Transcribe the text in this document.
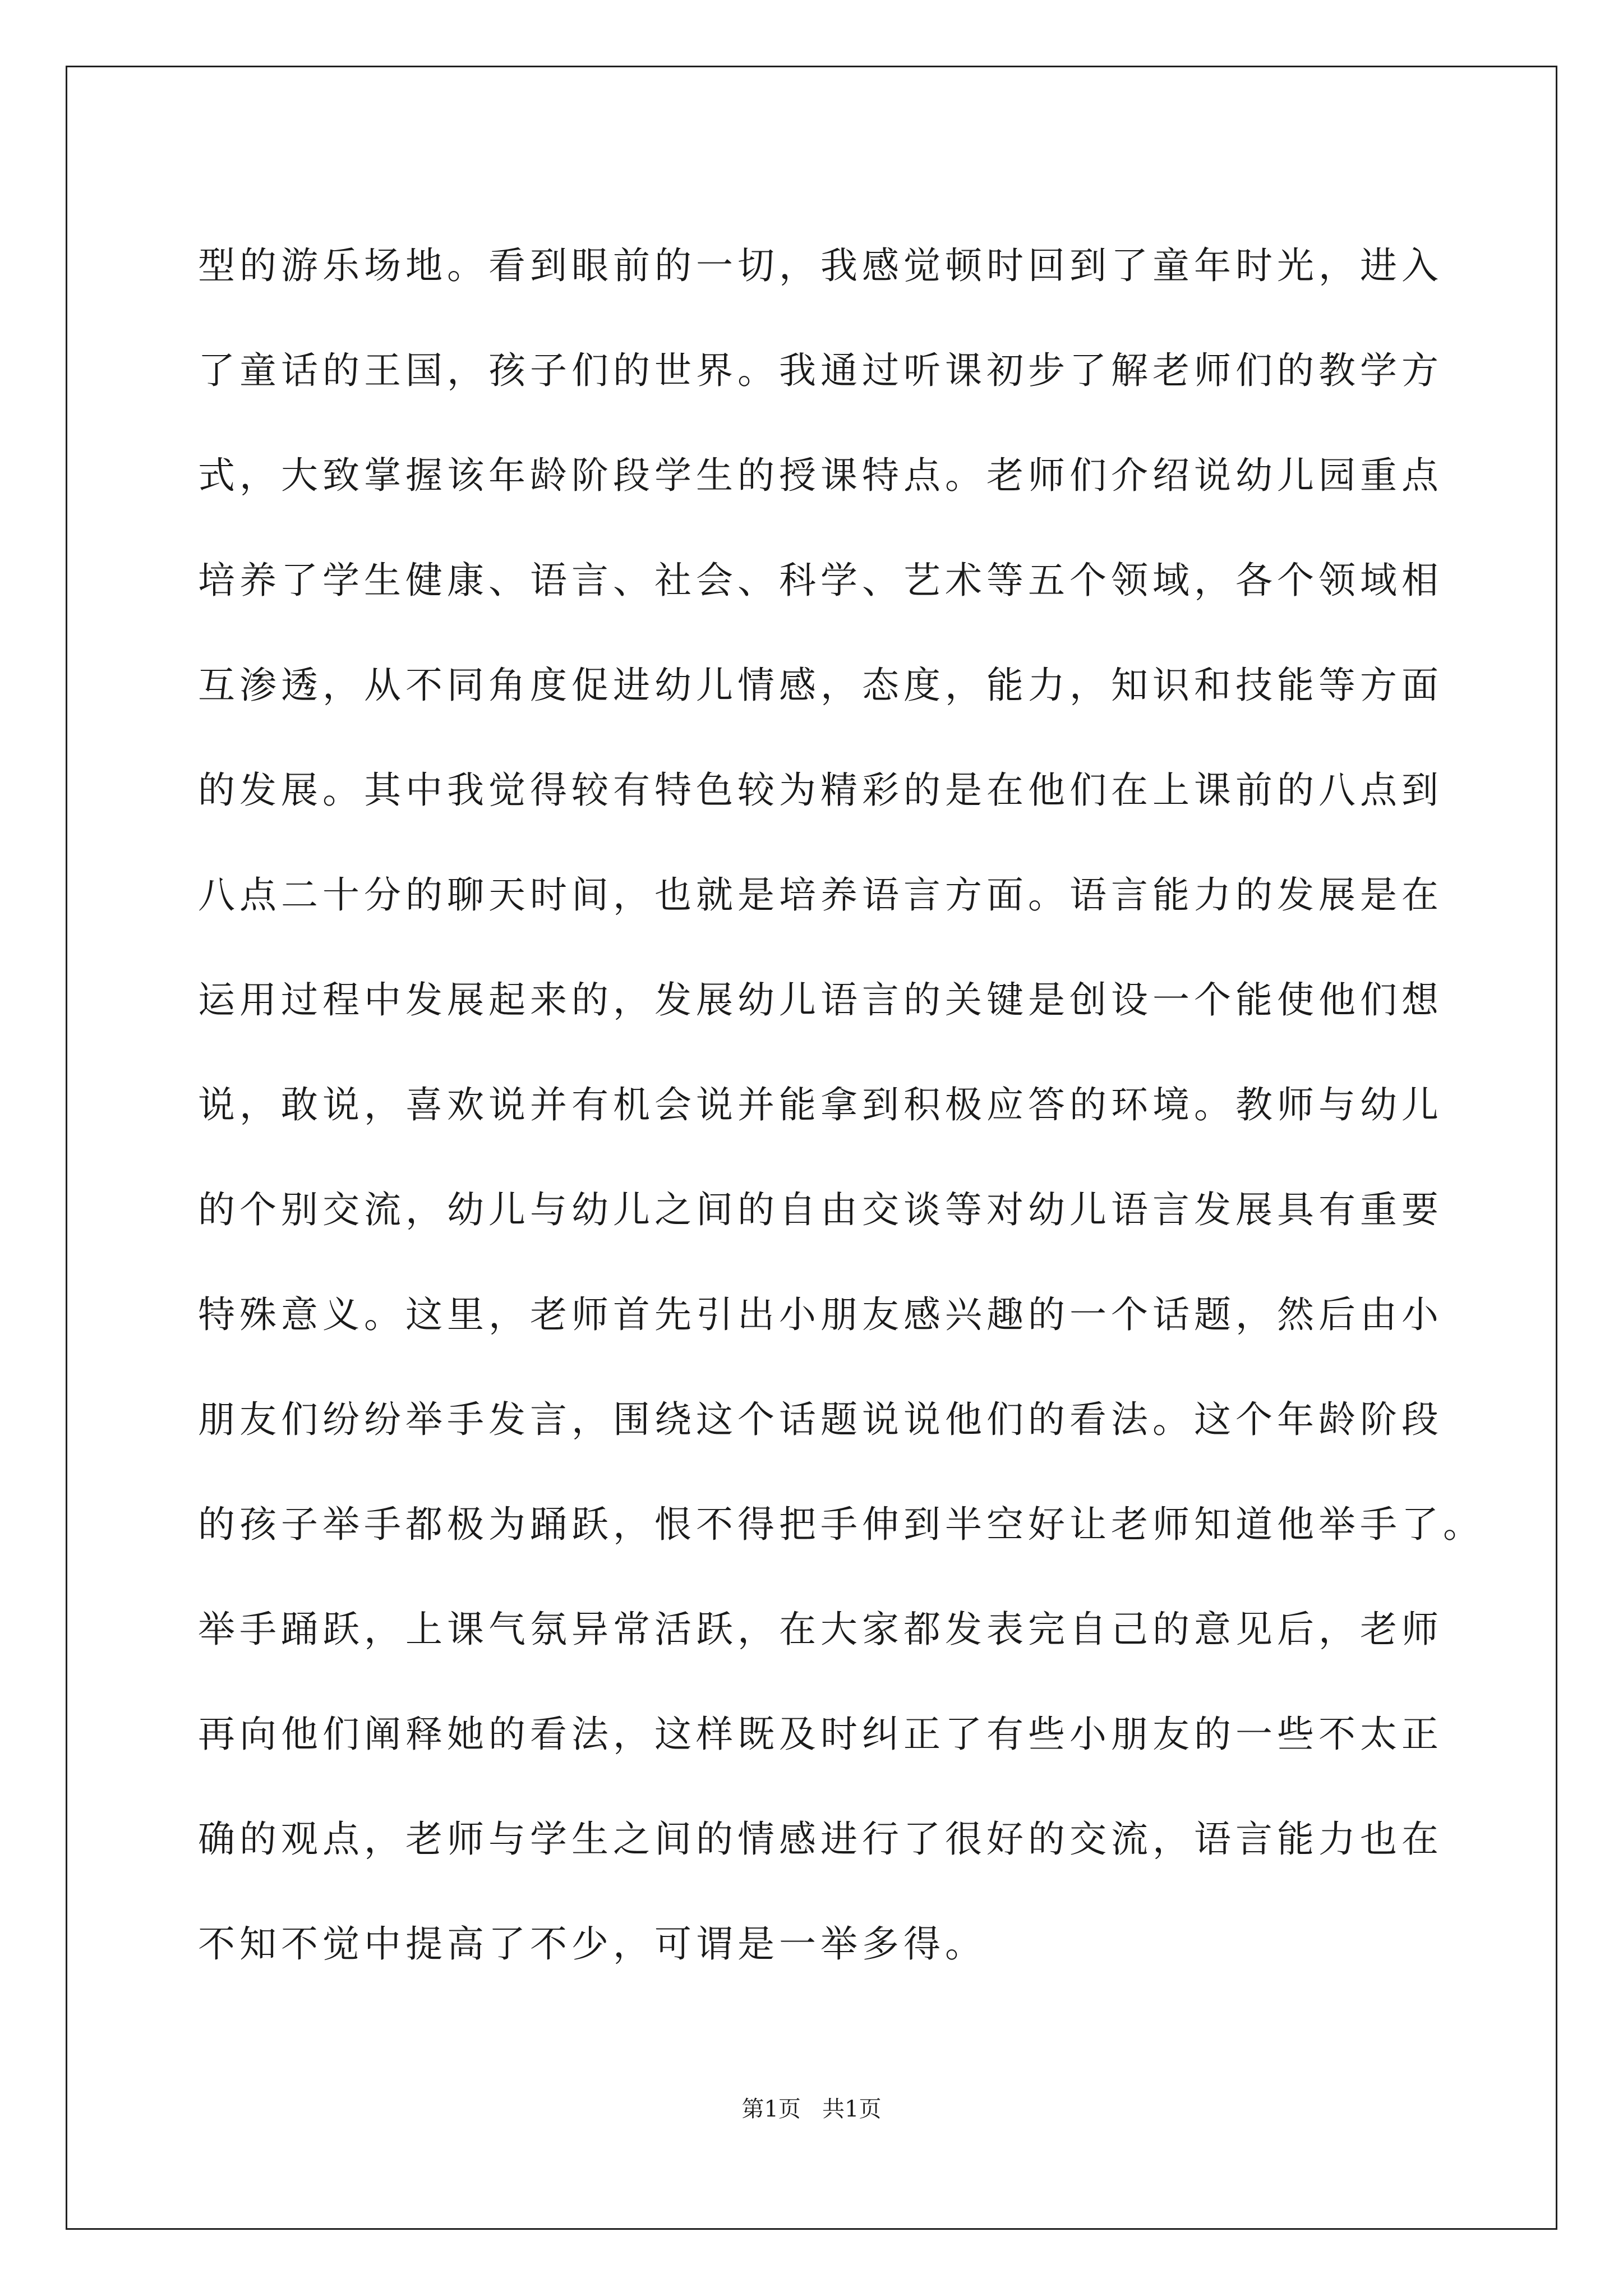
型的游乐场地。看到眼前的一切，我感觉顿时回到了童年时光，进入
了童话的王国，孩子们的世界。我通过听课初步了解老师们的教学方
式，大致掌握该年龄阶段学生的授课特点。老师们介绍说幼儿园重点
培养了学生健康、语言、社会、科学、艺术等五个领域，各个领域相
互渗透，从不同角度促进幼儿情感，态度，能力，知识和技能等方面
的发展。其中我觉得较有特色较为精彩的是在他们在上课前的八点到
八点二十分的聊天时间，也就是培养语言方面。语言能力的发展是在
运用过程中发展起来的，发展幼儿语言的关键是创设一个能使他们想
说，敢说，喜欢说并有机会说并能拿到积极应答的环境。教师与幼儿
的个别交流，幼儿与幼儿之间的自由交谈等对幼儿语言发展具有重要
特殊意义。这里，老师首先引出小朋友感兴趣的一个话题，然后由小
朋友们纷纷举手发言，围绕这个话题说说他们的看法。这个年龄阶段
的孩子举手都极为踊跃，恨不得把手伸到半空好让老师知道他举手了。
举手踊跃，上课气氛异常活跃，在大家都发表完自己的意见后，老师
再向他们阐释她的看法，这样既及时纠正了有些小朋友的一些不太正
确的观点，老师与学生之间的情感进行了很好的交流，语言能力也在
不知不觉中提高了不少，可谓是一举多得。
第1页   共1页
